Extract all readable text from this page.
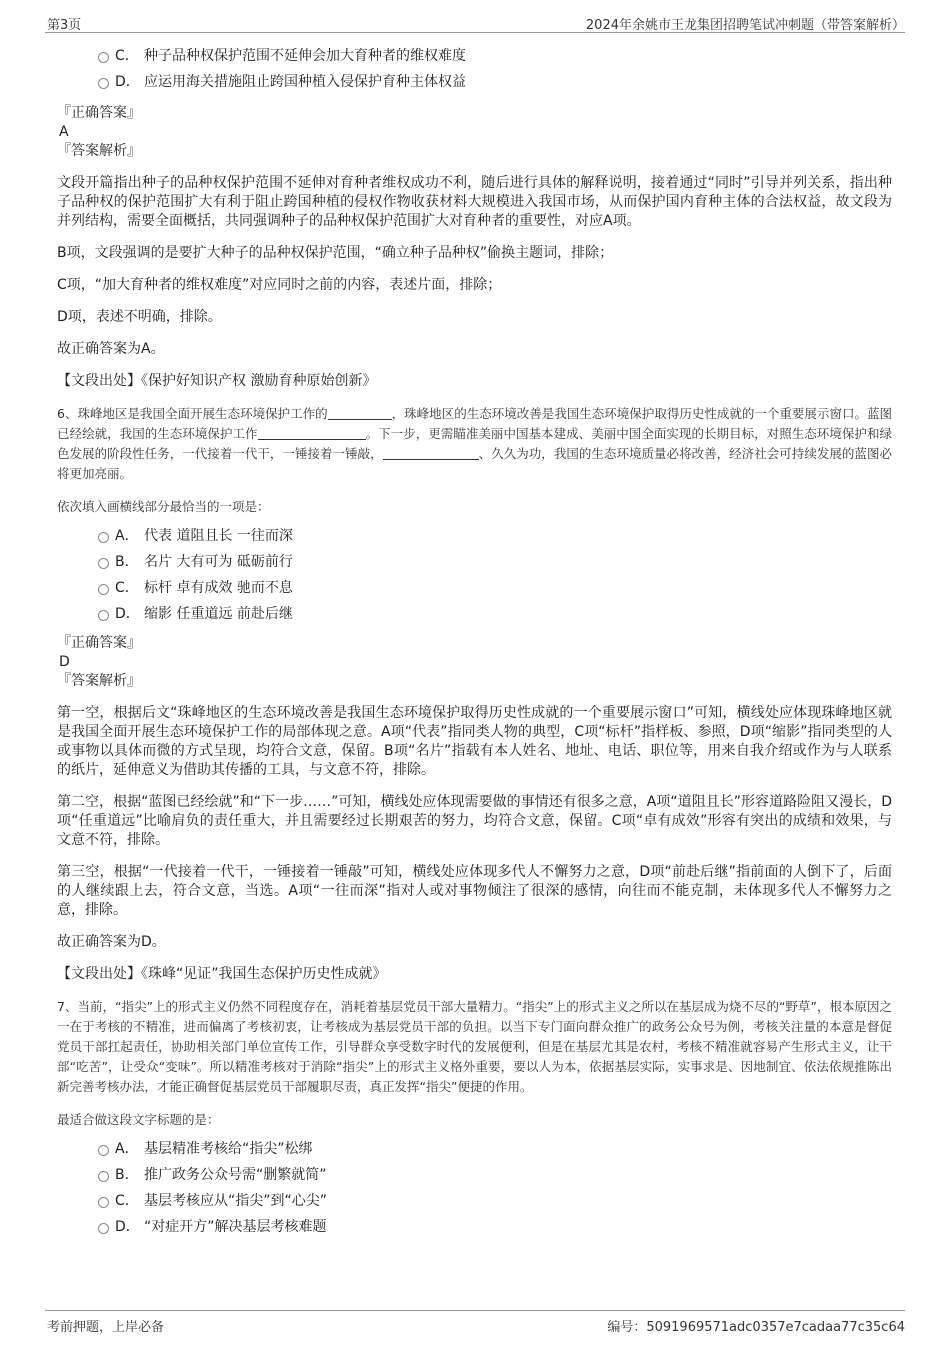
第3页	2024年余姚市王龙集团招聘笔试冲刺题（带答案解析）
C． 种子品种权保护范围不延伸会加大育种者的维权难度
D． 应运用海关措施阻止跨国种植入侵保护育种主体权益

『正确答案』

A

『答案解析』

文段开篇指出种子的品种权保护范围不延伸对育种者维权成功不利，随后进行具体的解释说明，接着通过“同时”引导并列关系，指出种子品种权的保护范围扩大有利于阻止跨国种植的侵权作物收获材料大规模进入我国市场，从而保护国内育种主体的合法权益，故文段为并列结构，需要全面概括，共同强调种子的品种权保护范围扩大对育种者的重要性，对应A项。

B项，文段强调的是要扩大种子的品种权保护范围，“确立种子品种权”偷换主题词，排除；

C项，“加大育种者的维权难度”对应同时之前的内容，表述片面，排除；

D项，表述不明确，排除。

故正确答案为A。

【文段出处】《保护好知识产权 激励育种原始创新》

6、珠峰地区是我国全面开展生态环境保护工作的	，珠峰地区的生态环境改善是我国生态环境保护取得历史性成就的一个重要展示窗口。蓝图已经绘就，我国的生态环境保护工作	。下一步，更需瞄准美丽中国基本建成、美丽中国全面实现的长期目标，对照生态环境保护和绿色发展的阶段性任务，一代接着一代干，一锤接着一锤敲，	、久久为功，我国的生态环境质量必将改善，经济社会可持续发展的蓝图必将更加亮丽。

依次填入画横线部分最恰当的一项是：

A． 代表 道阻且长 一往而深
B． 名片 大有可为 砥砺前行
C． 标杆 卓有成效 驰而不息
D． 缩影 任重道远 前赴后继

『正确答案』

D

『答案解析』

第一空，根据后文“珠峰地区的生态环境改善是我国生态环境保护取得历史性成就的一个重要展示窗口”可知，横线处应体现珠峰地区就是我国全面开展生态环境保护工作的局部体现之意。A项“代表”指同类人物的典型，C项“标杆”指样板、参照，D项“缩影”指同类型的人或事物以具体而微的方式呈现，均符合文意，保留。B项“名片”指载有本人姓名、地址、电话、职位等，用来自我介绍或作为与人联系的纸片，延伸意义为借助其传播的工具，与文意不符，排除。

第二空，根据“蓝图已经绘就”和“下一步……”可知，横线处应体现需要做的事情还有很多之意，A项“道阻且长”形容道路险阻又漫长，D项“任重道远”比喻肩负的责任重大，并且需要经过长期艰苦的努力，均符合文意，保留。C项“卓有成效”形容有突出的成绩和效果，与文意不符，排除。

第三空，根据“一代接着一代干，一锤接着一锤敲”可知，横线处应体现多代人不懈努力之意，D项“前赴后继”指前面的人倒下了，后面的人继续跟上去，符合文意，当选。A项“一往而深”指对人或对事物倾注了很深的感情，向往而不能克制，未体现多代人不懈努力之意，排除。

故正确答案为D。

【文段出处】《珠峰“见证”我国生态保护历史性成就》

7、当前，“指尖”上的形式主义仍然不同程度存在，消耗着基层党员干部大量精力。“指尖”上的形式主义之所以在基层成为烧不尽的“野草”，根本原因之一在于考核的不精准，进而偏离了考核初衷，让考核成为基层党员干部的负担。以当下专门面向群众推广的政务公众号为例，考核关注量的本意是督促党员干部扛起责任，协助相关部门单位宣传工作，引导群众享受数字时代的发展便利，但是在基层尤其是农村，考核不精准就容易产生形式主义，让干部“吃苦”，让受众“变味”。所以精准考核对于消除“指尖”上的形式主义格外重要，要以人为本，依据基层实际，实事求是、因地制宜、依法依规推陈出新完善考核办法，才能正确督促基层党员干部履职尽责，真正发挥“指尖”便捷的作用。

最适合做这段文字标题的是：

A． 基层精准考核给“指尖”松绑
B． 推广政务公众号需“删繁就简”
C． 基层考核应从“指尖”到“心尖”
D． “对症开方”解决基层考核难题
考前押题，上岸必备	编号：5091969571adc0357e7cadaa77c35c64
